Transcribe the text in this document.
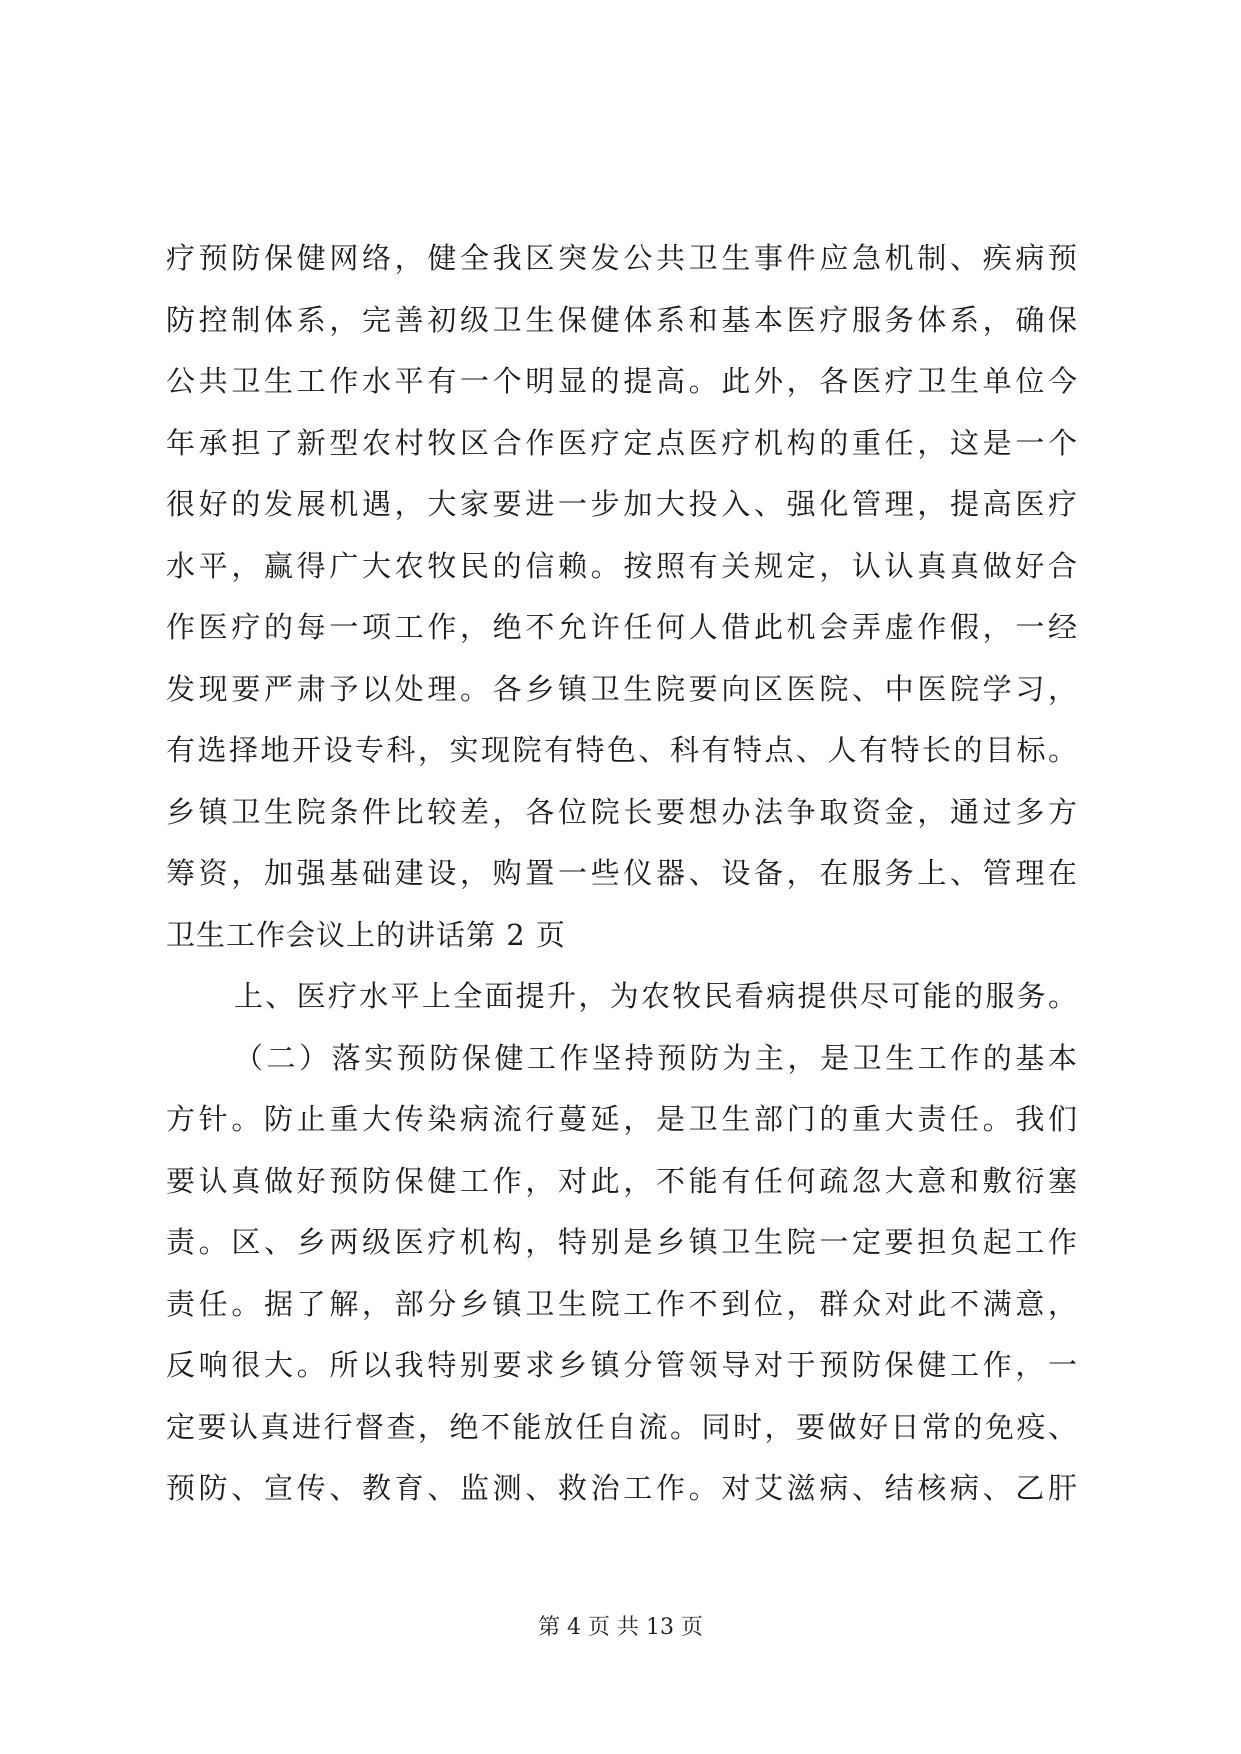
疗预防保健网络，健全我区突发公共卫生事件应急机制、疾病预
防控制体系，完善初级卫生保健体系和基本医疗服务体系，确保
公共卫生工作水平有一个明显的提高。此外，各医疗卫生单位今
年承担了新型农村牧区合作医疗定点医疗机构的重任，这是一个
很好的发展机遇，大家要进一步加大投入、强化管理，提高医疗
水平，赢得广大农牧民的信赖。按照有关规定，认认真真做好合
作医疗的每一项工作，绝不允许任何人借此机会弄虚作假，一经
发现要严肃予以处理。各乡镇卫生院要向区医院、中医院学习，
有选择地开设专科，实现院有特色、科有特点、人有特长的目标。
乡镇卫生院条件比较差，各位院长要想办法争取资金，通过多方
筹资，加强基础建设，购置一些仪器、设备，在服务上、管理在
卫生工作会议上的讲话第 2 页
上、医疗水平上全面提升，为农牧民看病提供尽可能的服务。
（二）落实预防保健工作坚持预防为主，是卫生工作的基本
方针。防止重大传染病流行蔓延，是卫生部门的重大责任。我们
要认真做好预防保健工作，对此，不能有任何疏忽大意和敷衍塞
责。区、乡两级医疗机构，特别是乡镇卫生院一定要担负起工作
责任。据了解，部分乡镇卫生院工作不到位，群众对此不满意，
反响很大。所以我特别要求乡镇分管领导对于预防保健工作，一
定要认真进行督查，绝不能放任自流。同时，要做好日常的免疫、
预防、宣传、教育、监测、救治工作。对艾滋病、结核病、乙肝
第 4 页 共 13 页
